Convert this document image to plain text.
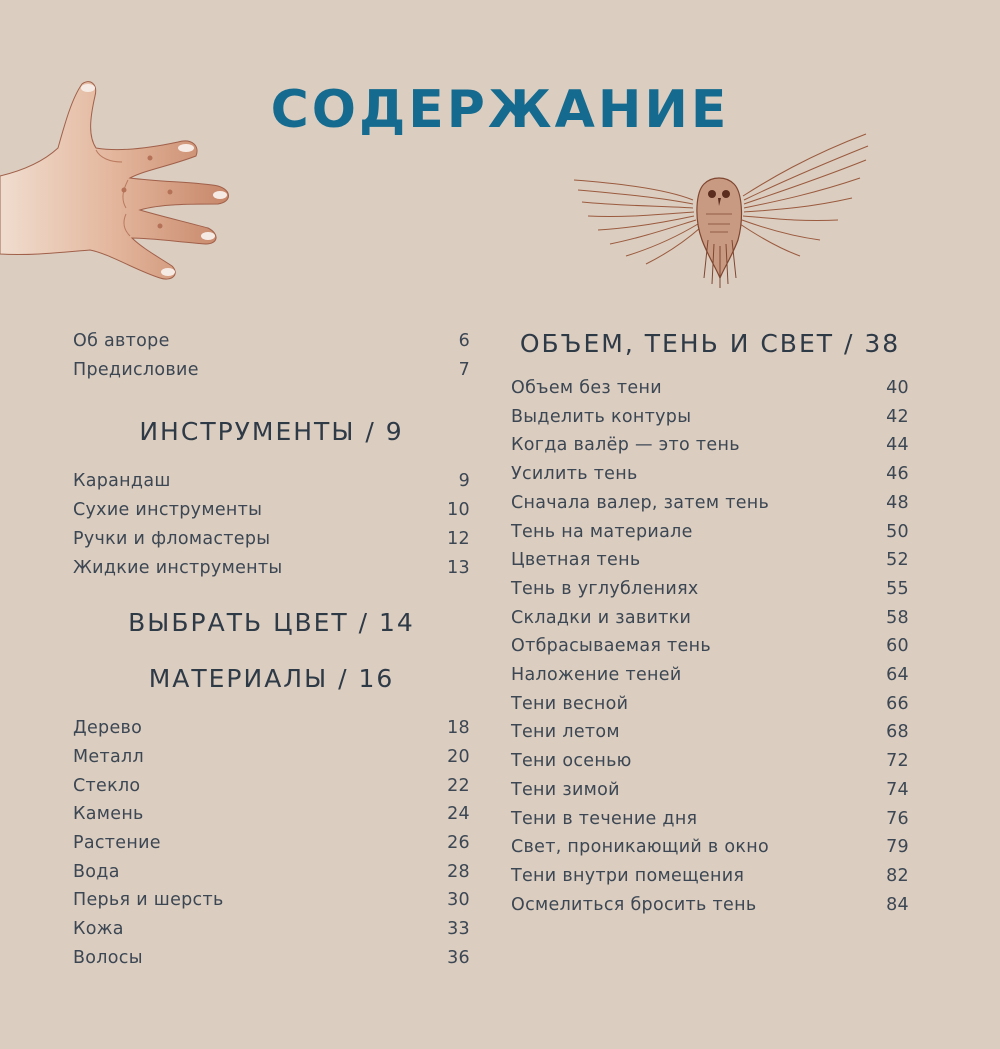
СОДЕРЖАНИЕ
Об авторе	6
Предисловие	7
ИНСТРУМЕНТЫ / 9
Карандаш	9
Сухие инструменты	10
Ручки и фломастеры	12
Жидкие инструменты	13
ВЫБРАТЬ ЦВЕТ / 14
МАТЕРИАЛЫ / 16
Дерево	18
Металл	20
Стекло	22
Камень	24
Растение	26
Вода	28
Перья и шерсть	30
Кожа	33
Волосы	36
ОБЪЕМ, ТЕНЬ И СВЕТ / 38
Объем без тени	40
Выделить контуры	42
Когда валёр — это тень	44
Усилить тень	46
Сначала валер, затем тень	48
Тень на материале	50
Цветная тень	52
Тень в углублениях	55
Складки и завитки	58
Отбрасываемая тень	60
Наложение теней	64
Тени весной	66
Тени летом	68
Тени осенью	72
Тени зимой	74
Тени в течение дня	76
Свет, проникающий в окно	79
Тени внутри помещения	82
Осмелиться бросить тень	84
